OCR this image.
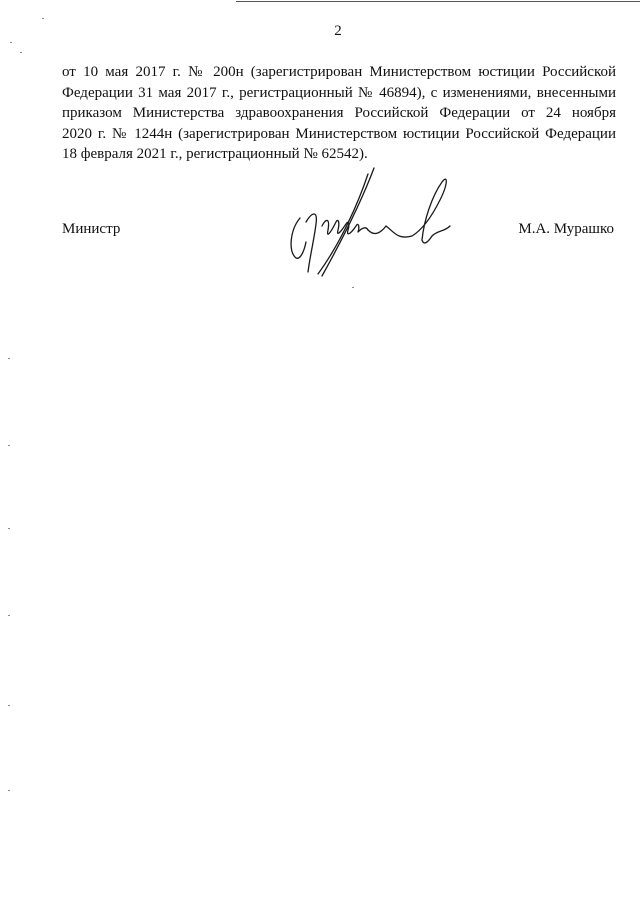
2
от 10 мая 2017 г. № 200н (зарегистрирован Министерством юстиции Российской
Федерации 31 мая 2017 г., регистрационный № 46894), с изменениями, внесенными
приказом Министерства здравоохранения Российской Федерации от 24 ноября
2020 г. № 1244н (зарегистрирован Министерством юстиции Российской Федерации
18 февраля 2021 г., регистрационный № 62542).
Министр	М.А. Мурашко
